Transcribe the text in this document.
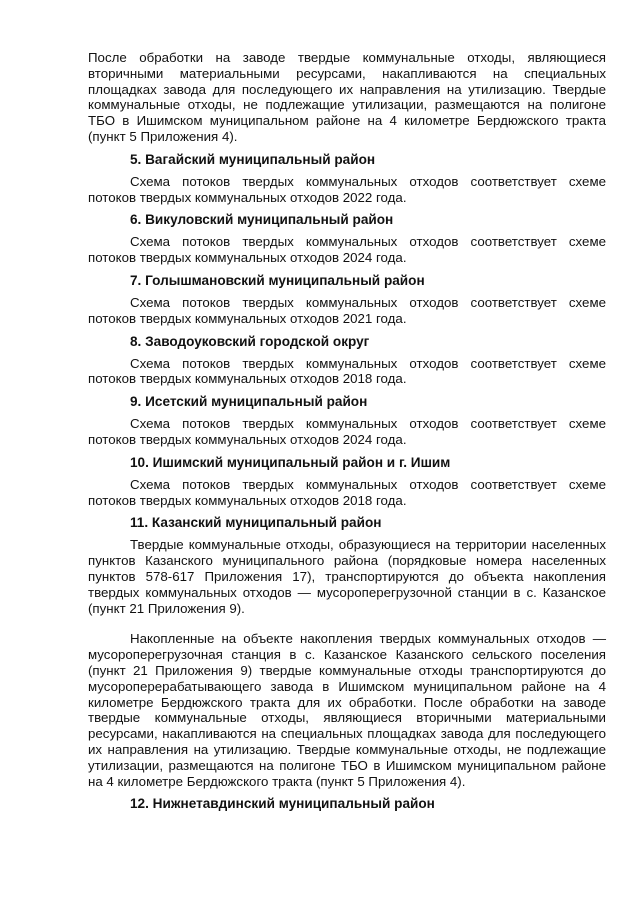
После обработки на заводе твердые коммунальные отходы, являющиеся вторичными материальными ресурсами, накапливаются на специальных площадках завода для последующего их направления на утилизацию. Твердые коммунальные отходы, не подлежащие утилизации, размещаются на полигоне ТБО в Ишимском муниципальном районе на 4 километре Бердюжского тракта (пункт 5 Приложения 4).

5. Вагайский муниципальный район

Схема потоков твердых коммунальных отходов соответствует схеме потоков твердых коммунальных отходов 2022 года.

6. Викуловский муниципальный район

Схема потоков твердых коммунальных отходов соответствует схеме потоков твердых коммунальных отходов 2024 года.

7. Голышмановский муниципальный район

Схема потоков твердых коммунальных отходов соответствует схеме потоков твердых коммунальных отходов 2021 года.

8. Заводоуковский городской округ

Схема потоков твердых коммунальных отходов соответствует схеме потоков твердых коммунальных отходов 2018 года.

9. Исетский муниципальный район

Схема потоков твердых коммунальных отходов соответствует схеме потоков твердых коммунальных отходов 2024 года.

10. Ишимский муниципальный район и г. Ишим

Схема потоков твердых коммунальных отходов соответствует схеме потоков твердых коммунальных отходов 2018 года.

11. Казанский муниципальный район

Твердые коммунальные отходы, образующиеся на территории населенных пунктов Казанского муниципального района (порядковые номера населенных пунктов 578-617 Приложения 17), транспортируются до объекта накопления твердых коммунальных отходов — мусороперегрузочной станции в с. Казанское (пункт 21 Приложения 9).

Накопленные на объекте накопления твердых коммунальных отходов — мусороперегрузочная станция в с. Казанское Казанского сельского поселения (пункт 21 Приложения 9) твердые коммунальные отходы транспортируются до мусороперерабатывающего завода в Ишимском муниципальном районе на 4 километре Бердюжского тракта для их обработки. После обработки на заводе твердые коммунальные отходы, являющиеся вторичными материальными ресурсами, накапливаются на специальных площадках завода для последующего их направления на утилизацию. Твердые коммунальные отходы, не подлежащие утилизации, размещаются на полигоне ТБО в Ишимском муниципальном районе на 4 километре Бердюжского тракта (пункт 5 Приложения 4).

12. Нижнетавдинский муниципальный район
